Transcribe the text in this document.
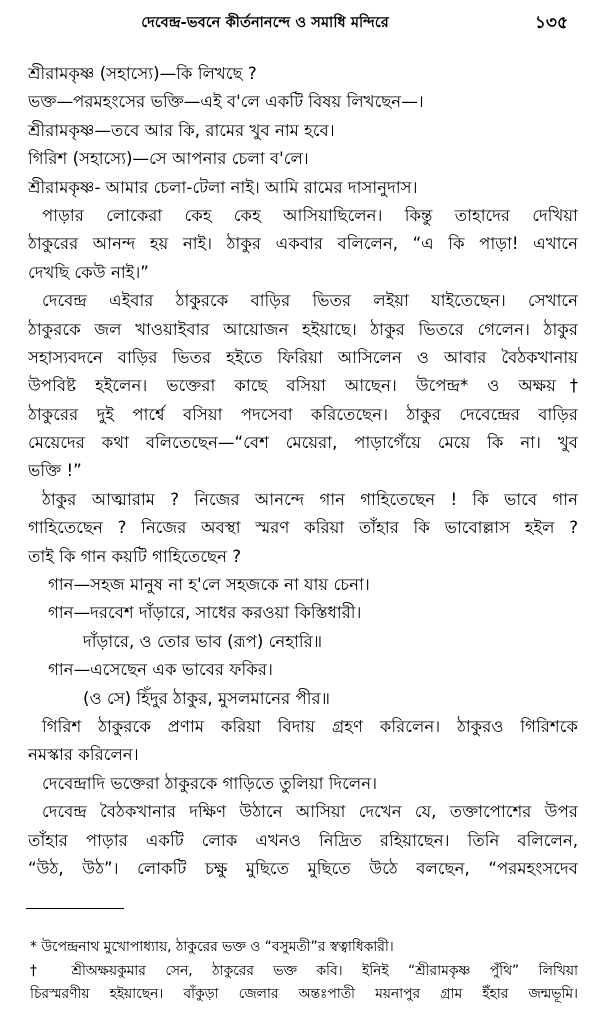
দেবেন্দ্র-ভবনে কীর্তনানন্দে ও সমাধি মন্দিরে	১৩৫
শ্রীরামকৃষ্ণ (সহাস্যে)—কি লিখছে ?
ভক্ত—পরমহংসের ভক্তি—এই ব'লে একটি বিষয় লিখছেন—।
শ্রীরামকৃষ্ণ—তবে আর কি, রামের খুব নাম হবে।
গিরিশ (সহাস্যে)—সে আপনার চেলা ব'লে।
শ্রীরামকৃষ্ণ- আমার চেলা-টেলা নাই। আমি রামের দাসানুদাস।
পাড়ার লোকেরা কেহ কেহ আসিয়াছিলেন। কিন্তু তাহাদের দেখিয়া
ঠাকুরের আনন্দ হয় নাই। ঠাকুর একবার বলিলেন, “এ কি পাড়া! এখানে
দেখছি কেউ নাই।”
দেবেন্দ্র এইবার ঠাকুরকে বাড়ির ভিতর লইয়া যাইতেছেন। সেখানে
ঠাকুরকে জল খাওয়াইবার আয়োজন হইয়াছে। ঠাকুর ভিতরে গেলেন। ঠাকুর
সহাস্যবদনে বাড়ির ভিতর হইতে ফিরিয়া আসিলেন ও আবার বৈঠকখানায়
উপবিষ্ট হইলেন। ভক্তেরা কাছে বসিয়া আছেন। উপেন্দ্র* ও অক্ষয়†
ঠাকুরের দুই পার্শ্বে বসিয়া পদসেবা করিতেছেন। ঠাকুর দেবেন্দ্রের বাড়ির
মেয়েদের কথা বলিতেছেন—“বেশ মেয়েরা, পাড়াগেঁয়ে মেয়ে কি না। খুব
ভক্তি !”
ঠাকুর আত্মারাম ? নিজের আনন্দে গান গাহিতেছেন ! কি ভাবে গান
গাহিতেছেন ? নিজের অবস্থা স্মরণ করিয়া তাঁহার কি ভাবোল্লাস হইল ?
তাই কি গান কয়টি গাহিতেছেন ?
গান—সহজ মানুষ না হ'লে সহজকে না যায় চেনা।
গান—দরবেশ দাঁড়ারে, সাধের করওয়া কিস্তিধারী।
দাঁড়ারে, ও তোর ভাব (রূপ) নেহারি॥
গান—এসেছেন এক ভাবের ফকির।
(ও সে) হিঁদুর ঠাকুর, মুসলমানের পীর॥
গিরিশ ঠাকুরকে প্রণাম করিয়া বিদায় গ্রহণ করিলেন। ঠাকুরও গিরিশকে
নমস্কার করিলেন।
দেবেন্দ্রাদি ভক্তেরা ঠাকুরকে গাড়িতে তুলিয়া দিলেন।
দেবেন্দ্র বৈঠকখানার দক্ষিণ উঠানে আসিয়া দেখেন যে, তক্তাপোশের উপর
তাঁহার পাড়ার একটি লোক এখনও নিদ্রিত রহিয়াছেন। তিনি বলিলেন,
“উঠ, উঠ”। লোকটি চক্ষু মুছিতে মুছিতে উঠে বলছেন, “পরমহংসদেব
* উপেন্দ্রনাথ মুখোপাধ্যায়, ঠাকুরের ভক্ত ও “বসুমতী”র স্বত্বাধিকারী।
† শ্রীঅক্ষয়কুমার সেন, ঠাকুরের ভক্ত কবি। ইনিই “শ্রীরামকৃষ্ণ পুঁথি” লিখিয়া
চিরস্মরণীয় হইয়াছেন। বাঁকুড়া জেলার অন্তঃপাতী ময়নাপুর গ্রাম ইঁহার জন্মভূমি।
